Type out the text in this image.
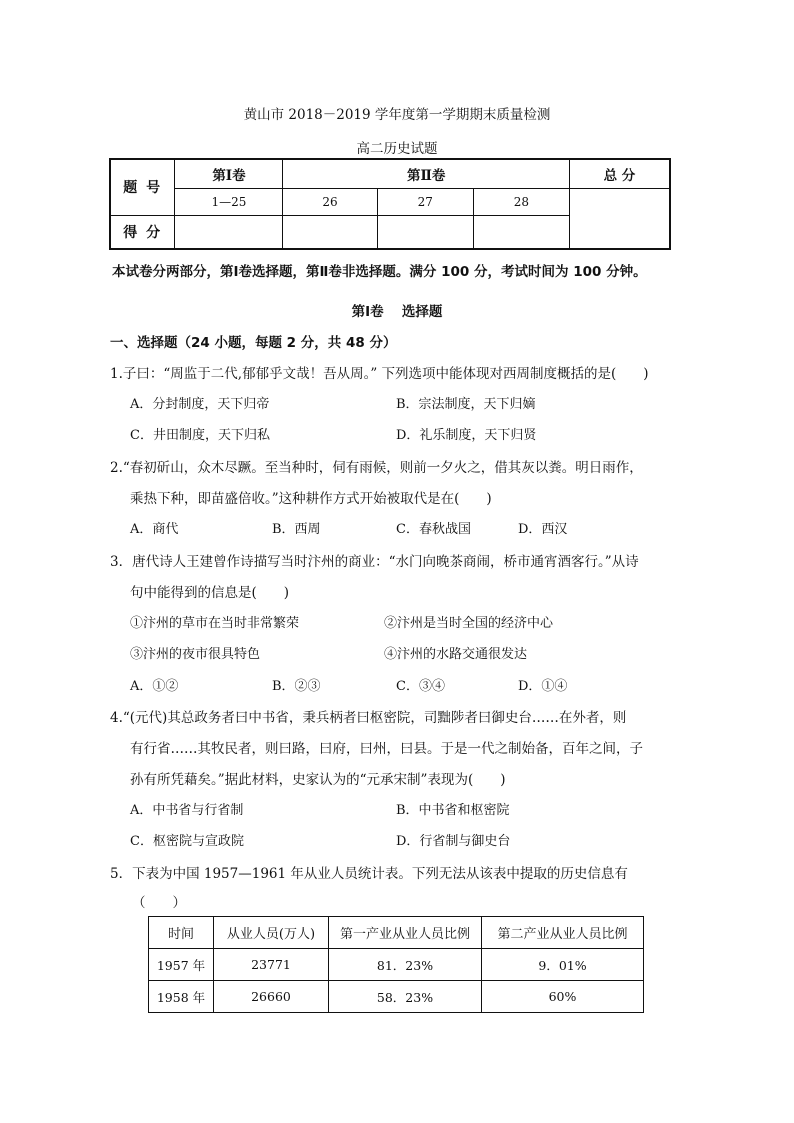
黄山市 2018－2019 学年度第一学期期末质量检测
高二历史试题
题 号	第Ⅰ卷	第Ⅱ卷			总 分
	1—25	26	27	28	
得 分					
本试卷分两部分，第Ⅰ卷选择题，第Ⅱ卷非选择题。满分 100 分，考试时间为 100 分钟。
第Ⅰ卷　 选择题
一、选择题（24 小题，每题 2 分，共 48 分）
1.子曰：“周监于二代,郁郁乎文哉！吾从周。” 下列选项中能体现对西周制度概括的是(　　)
A．分封制度，天下归帝	B．宗法制度，天下归嫡
C．井田制度，天下归私	D．礼乐制度，天下归贤
2.“春初斫山，众木尽蹶。至当种时，伺有雨候，则前一夕火之，借其灰以粪。明日雨作，
乘热下种，即苗盛倍收。”这种耕作方式开始被取代是在(　　)
A．商代	B．西周	C．春秋战国	D．西汉
3．唐代诗人王建曾作诗描写当时汴州的商业：“水门向晚茶商闹，桥市通宵酒客行。”从诗
句中能得到的信息是(　　)
①汴州的草市在当时非常繁荣	②汴州是当时全国的经济中心
③汴州的夜市很具特色	④汴州的水路交通很发达
A．①②	B．②③	C．③④	D．①④
4.“(元代)其总政务者曰中书省，秉兵柄者曰枢密院，司黜陟者曰御史台……在外者，则
有行省……其牧民者，则曰路，曰府，曰州，曰县。于是一代之制始备，百年之间，子
孙有所凭藉矣。”据此材料，史家认为的“元承宋制”表现为(　　)
A．中书省与行省制	B．中书省和枢密院
C．枢密院与宣政院	D．行省制与御史台
5．下表为中国 1957—1961 年从业人员统计表。下列无法从该表中提取的历史信息有
（　　）
时间	从业人员(万人)	第一产业从业人员比例	第二产业从业人员比例
1957 年	23771	81．23%	9．01%
1958 年	26660	58．23%	60%
